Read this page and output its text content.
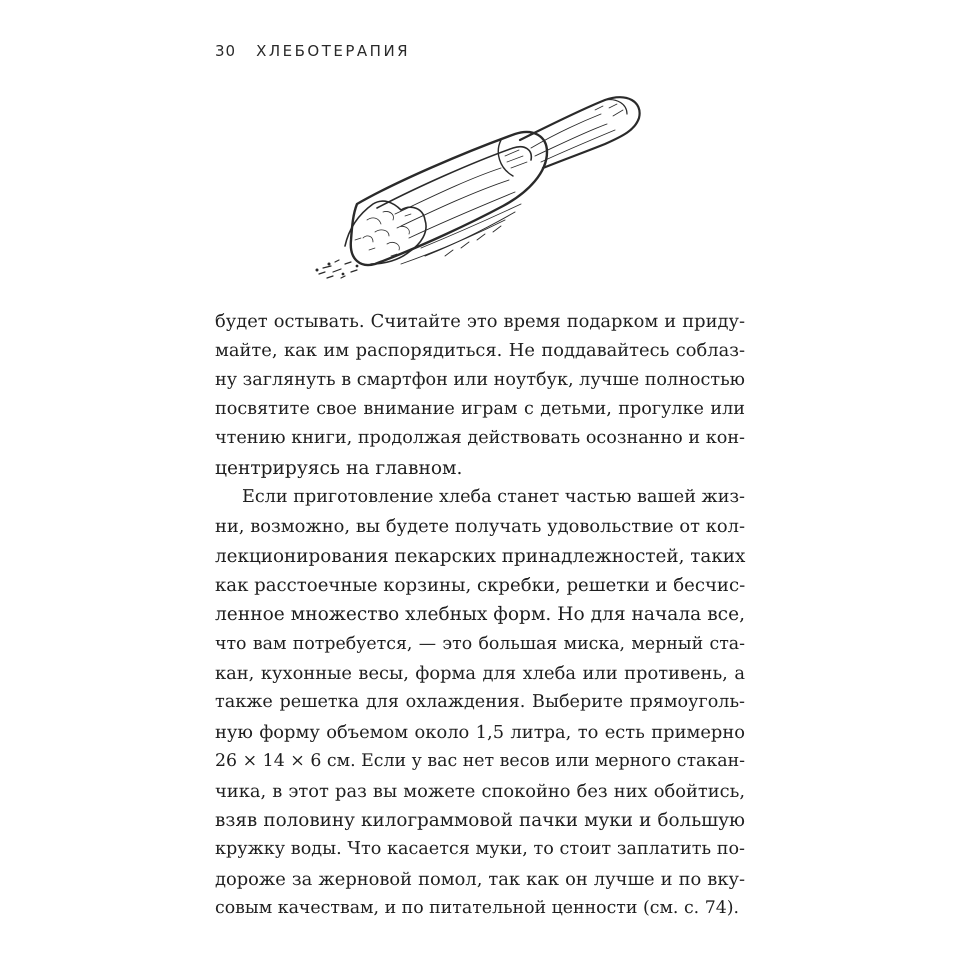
30 ХЛЕБОТЕРАПИЯ
будет остывать. Считайте это время подарком и приду-
майте, как им распорядиться. Не поддавайтесь соблаз-
ну заглянуть в смартфон или ноутбук, лучше полностью
посвятите свое внимание играм с детьми, прогулке или
чтению книги, продолжая действовать осознанно и кон-
центрируясь на главном.
Если приготовление хлеба станет частью вашей жиз-
ни, возможно, вы будете получать удовольствие от кол-
лекционирования пекарских принадлежностей, таких
как расстоечные корзины, скребки, решетки и бесчис-
ленное множество хлебных форм. Но для начала все,
что вам потребуется, — это большая миска, мерный ста-
кан, кухонные весы, форма для хлеба или противень, а
также решетка для охлаждения. Выберите прямоуголь-
ную форму объемом около 1,5 литра, то есть примерно
26 × 14 × 6 см. Если у вас нет весов или мерного стакан-
чика, в этот раз вы можете спокойно без них обойтись,
взяв половину килограммовой пачки муки и большую
кружку воды. Что касается муки, то стоит заплатить по-
дороже за жерновой помол, так как он лучше и по вку-
совым качествам, и по питательной ценности (см. с. 74).
